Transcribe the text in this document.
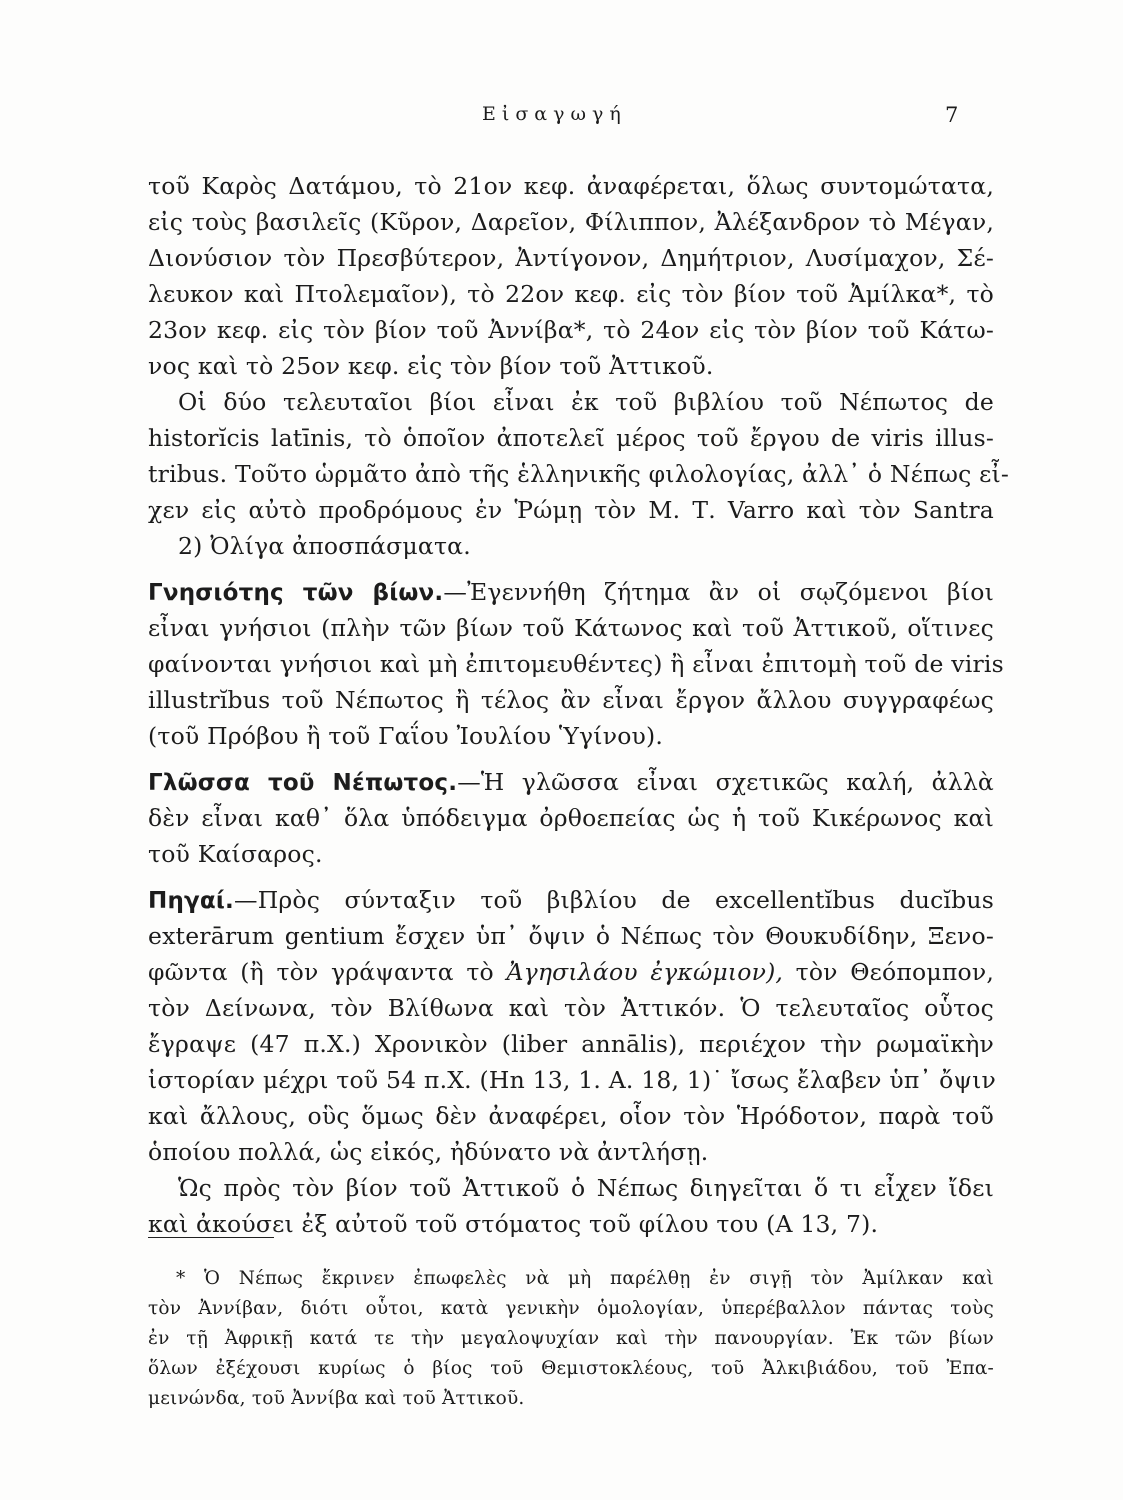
Εἰσαγωγή	7
τοῦ Καρὸς Δατάμου, τὸ 21ον κεφ. ἀναφέρεται, ὅλως συντομώτατα,
εἰς τοὺς βασιλεῖς (Κῦρον, Δαρεῖον, Φίλιππον, Ἀλέξανδρον τὸ Μέγαν,
Διονύσιον τὸν Πρεσβύτερον, Ἀντίγονον, Δημήτριον, Λυσίμαχον, Σέ-
λευκον καὶ Πτολεμαῖον), τὸ 22ον κεφ. εἰς τὸν βίον τοῦ Ἀμίλκα*, τὸ
23ον κεφ. εἰς τὸν βίον τοῦ Ἀννίβα*, τὸ 24ον εἰς τὸν βίον τοῦ Κάτω-
νος καὶ τὸ 25ον κεφ. εἰς τὸν βίον τοῦ Ἀττικοῦ.
Οἱ δύο τελευταῖοι βίοι εἶναι ἐκ τοῦ βιβλίου τοῦ Νέπωτος de
historĭcis latīnis, τὸ ὁποῖον ἀποτελεῖ μέρος τοῦ ἔργου de viris illus-
tribus. Τοῦτο ὡρμᾶτο ἀπὸ τῆς ἑλληνικῆς φιλολογίας, ἀλλ᾽ ὁ Νέπως εἶ-
χεν εἰς αὐτὸ προδρόμους ἐν Ῥώμῃ τὸν Μ. Τ. Varro καὶ τὸν Santra
2) Ὀλίγα ἀποσπάσματα.
Γνησιότης τῶν βίων.—Ἐγεννήθη ζήτημα ἂν οἱ σῳζόμενοι βίοι
εἶναι γνήσιοι (πλὴν τῶν βίων τοῦ Κάτωνος καὶ τοῦ Ἀττικοῦ, οἵτινες
φαίνονται γνήσιοι καὶ μὴ ἐπιτομευθέντες) ἢ εἶναι ἐπιτομὴ τοῦ de viris
illustrĭbus τοῦ Νέπωτος ἢ τέλος ἂν εἶναι ἔργον ἄλλου συγγραφέως
(τοῦ Πρόβου ἢ τοῦ Γαΐου Ἰουλίου Ὑγίνου).
Γλῶσσα τοῦ Νέπωτος.—Ἡ γλῶσσα εἶναι σχετικῶς καλή, ἀλλὰ
δὲν εἶναι καθ᾽ ὅλα ὑπόδειγμα ὀρθοεπείας ὡς ἡ τοῦ Κικέρωνος καὶ
τοῦ Καίσαρος.
Πηγαί.—Πρὸς σύνταξιν τοῦ βιβλίου de excellentĭbus ducĭbus
exterārum gentium ἔσχεν ὑπ᾽ ὄψιν ὁ Νέπως τὸν Θουκυδίδην, Ξενο-
φῶντα (ἢ τὸν γράψαντα τὸ Ἀγησιλάου ἐγκώμιον), τὸν Θεόπομπον,
τὸν Δείνωνα, τὸν Βλίθωνα καὶ τὸν Ἀττικόν. Ὁ τελευταῖος οὗτος
ἔγραψε (47 π.Χ.) Χρονικὸν (liber annālis), περιέχον τὴν ρωμαϊκὴν
ἱστορίαν μέχρι τοῦ 54 π.Χ. (Hn 13, 1. A. 18, 1)˙ ἴσως ἔλαβεν ὑπ᾽ ὄψιν
καὶ ἄλλους, οὓς ὅμως δὲν ἀναφέρει, οἷον τὸν Ἡρόδοτον, παρὰ τοῦ
ὁποίου πολλά, ὡς εἰκός, ἠδύνατο νὰ ἀντλήσῃ.
Ὡς πρὸς τὸν βίον τοῦ Ἀττικοῦ ὁ Νέπως διηγεῖται ὅ τι εἶχεν ἴδει
καὶ ἀκούσει ἐξ αὐτοῦ τοῦ στόματος τοῦ φίλου του (A 13, 7).
* Ὁ Νέπως ἔκρινεν ἐπωφελὲς νὰ μὴ παρέλθῃ ἐν σιγῇ τὸν Ἀμίλκαν καὶ
τὸν Ἀννίβαν, διότι οὗτοι, κατὰ γενικὴν ὁμολογίαν, ὑπερέβαλλον πάντας τοὺς
ἐν τῇ Ἀφρικῇ κατά τε τὴν μεγαλοψυχίαν καὶ τὴν πανουργίαν. Ἐκ τῶν βίων
ὅλων ἐξέχουσι κυρίως ὁ βίος τοῦ Θεμιστοκλέους, τοῦ Ἀλκιβιάδου, τοῦ Ἐπα-
μεινώνδα, τοῦ Ἀννίβα καὶ τοῦ Ἀττικοῦ.
